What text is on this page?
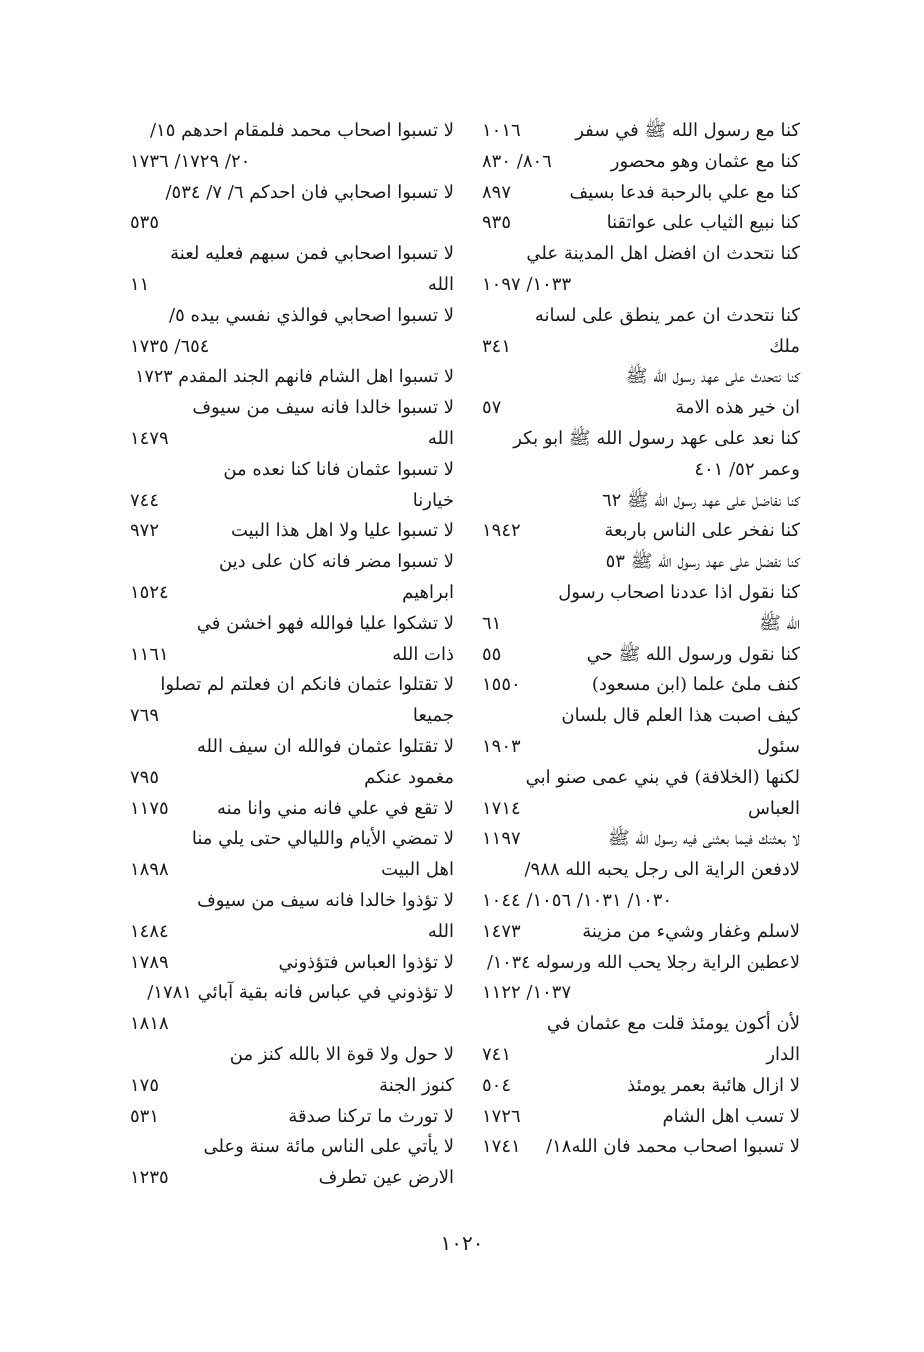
كنا مع رسول الله ﷺ في سفر
١٠١٦
كنا مع عثمان وهو محصور
٨٠٦/ ٨٣٠
كنا مع علي بالرحبة فدعا بسيف
٨٩٧
كنا نبيع الثياب على عواتقنا
٩٣٥
كنا نتحدث ان افضل اهل المدينة علي
١٠٣٣/ ١٠٩٧
كنا نتحدث ان عمر ينطق على لسانه
ملك
٣٤١
كنا نتحدث على عهد رسول الله ﷺ
ان خير هذه الامة
٥٧
كنا نعد على عهد رسول الله ﷺ ابو بكر
وعمر ٥٢/ ٤٠١
كنا نفاضل على عهد رسول الله ﷺ ٦٢
كنا نفخر على الناس باربعة
١٩٤٢
كنا نفضل على عهد رسول الله ﷺ ٥٣
كنا نقول اذا عددنا اصحاب رسول
الله ﷺ
٦١
كنا نقول ورسول الله ﷺ حي
٥٥
كنف ملئ علما (ابن مسعود)
١٥٥٠
كيف اصبت هذا العلم قال بلسان
سئول
١٩٠٣
لكنها (الخلافة) في بني عمى صنو ابي
العباس
١٧١٤
لا بعثنك فيما بعثنى فيه رسول الله ﷺ
١١٩٧
لادفعن الراية الى رجل يحبه الله ٩٨٨/
١٠٣٠/ ١٠٣١/ ١٠٥٦/ ١٠٤٤
لاسلم وغفار وشيء من مزينة
١٤٧٣
لاعطين الراية رجلا يحب الله ورسوله ١٠٣٤/
١٠٣٧/ ١١٢٢
لأن أكون يومئذ قلت مع عثمان في
الدار
٧٤١
لا ازال هائبة بعمر يومئذ
٥٠٤
لا تسب اهل الشام
١٧٢٦
لا تسبوا اصحاب محمد فان الله١٨/
١٧٤١
لا تسبوا اصحاب محمد فلمقام احدهم ١٥/
٢٠/ ١٧٢٩/ ١٧٣٦
لا تسبوا اصحابي فان احدكم ٦/ ٧/ ٥٣٤/
٥٣٥
لا تسبوا اصحابي فمن سبهم فعليه لعنة
الله
١١
لا تسبوا اصحابي فوالذي نفسي بيده ٥/
٦٥٤/ ١٧٣٥
لا تسبوا اهل الشام فانهم الجند المقدم ١٧٢٣
لا تسبوا خالدا فانه سيف من سيوف
الله
١٤٧٩
لا تسبوا عثمان فانا كنا نعده من
خيارنا
٧٤٤
لا تسبوا عليا ولا اهل هذا البيت
٩٧٢
لا تسبوا مضر فانه كان على دين
ابراهيم
١٥٢٤
لا تشكوا عليا فوالله فهو اخشن في
ذات الله
١١٦١
لا تقتلوا عثمان فانكم ان فعلتم لم تصلوا
جميعا
٧٦٩
لا تقتلوا عثمان فوالله ان سيف الله
مغمود عنكم
٧٩٥
لا تقع في علي فانه مني وانا منه
١١٧٥
لا تمضي الأيام والليالي حتى يلي منا
اهل البيت
١٨٩٨
لا تؤذوا خالدا فانه سيف من سيوف
الله
١٤٨٤
لا تؤذوا العباس فتؤذوني
١٧٨٩
لا تؤذوني في عباس فانه بقية آبائي ١٧٨١/
١٨١٨
لا حول ولا قوة الا بالله كنز من
كنوز الجنة
١٧٥
لا تورث ما تركنا صدقة
٥٣١
لا يأتي على الناس مائة سنة وعلى
الارض عين تطرف
١٢٣٥
١٠٢٠
